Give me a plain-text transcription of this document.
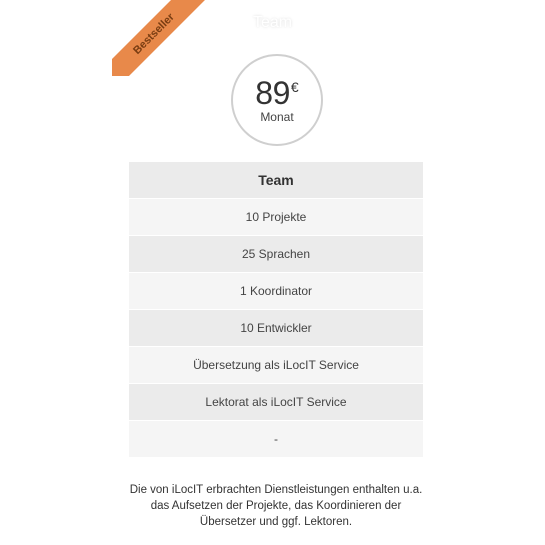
Bestseller	Team
89€
Monat
Team
10 Projekte
25 Sprachen
1 Koordinator
10 Entwickler
Übersetzung als iLocIT Service
Lektorat als iLocIT Service
-
Die von iLocIT erbrachten Dienstleistungen enthalten u.a. das Aufsetzen der Projekte, das Koordinieren der Übersetzer und ggf. Lektoren.
